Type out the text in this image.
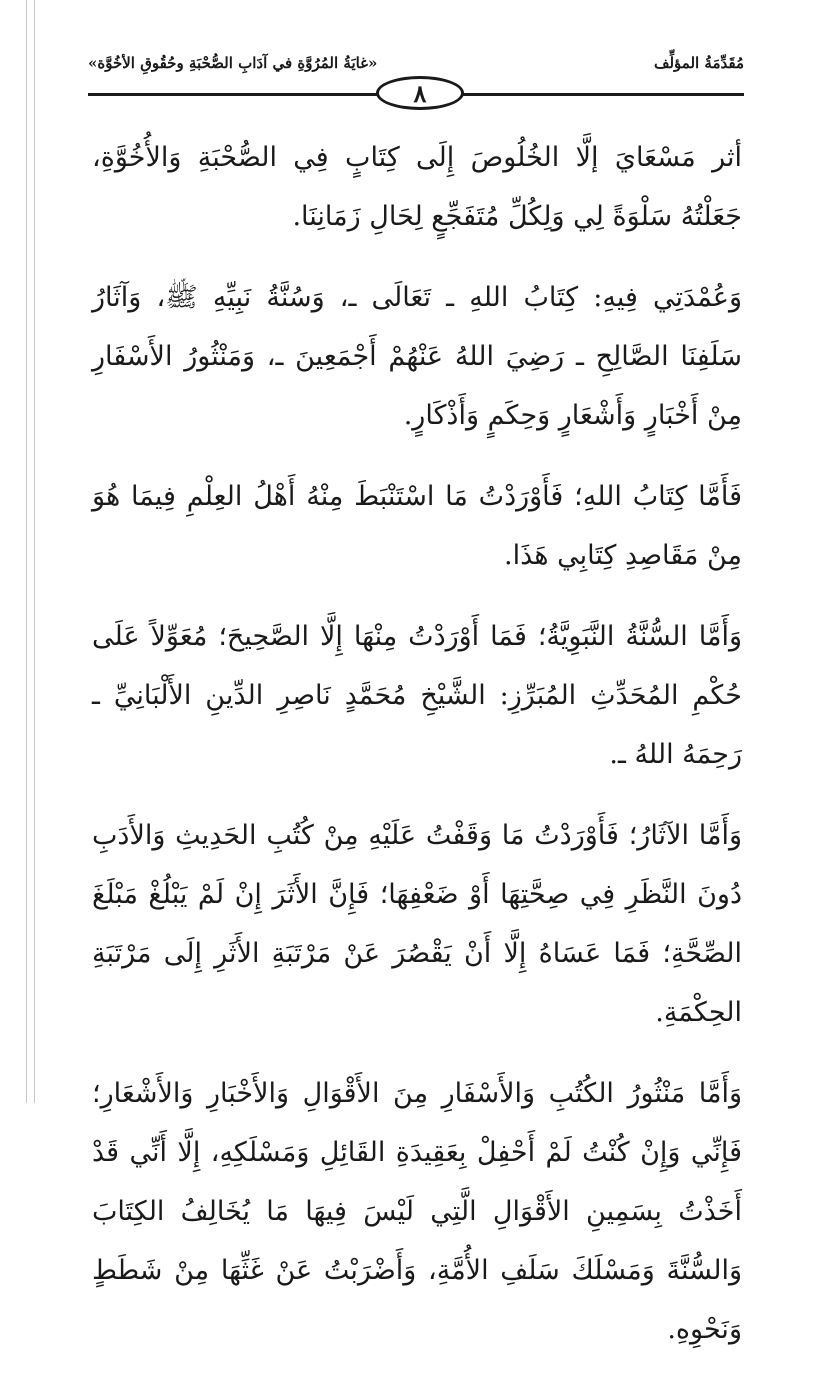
مُقَدِّمَةُ المؤلِّف
«غايَةُ المُرُوَّةِ في آدَابِ الصُّحْبَةِ وحُقُوقِ الأخُوَّة»
٨

أثر مَسْعَايَ إلَّا الخُلُوصَ إِلَى كِتَابٍ فِي الصُّحْبَةِ وَالأُخُوَّةِ، جَعَلْتُهُ سَلْوَةً لِي وَلِكُلِّ مُتَفَجِّعٍ لِحَالِ زَمَانِنَا.

وَعُمْدَتِي فِيهِ: كِتَابُ اللهِ ـ تَعَالَى ـ، وَسُنَّةُ نَبِيِّهِ ﷺ، وَآثَارُ سَلَفِنَا الصَّالِحِ ـ رَضِيَ اللهُ عَنْهُمْ أَجْمَعِينَ ـ، وَمَنْثُورُ الأَسْفَارِ مِنْ أَخْبَارٍ وَأَشْعَارٍ وَحِكَمٍ وَأَذْكَارٍ.

فَأَمَّا كِتَابُ اللهِ؛ فَأَوْرَدْتُ مَا اسْتَنْبَطَ مِنْهُ أَهْلُ العِلْمِ فِيمَا هُوَ مِنْ مَقَاصِدِ كِتَابِي هَذَا.

وَأَمَّا السُّنَّةُ النَّبَوِيَّةُ؛ فَمَا أَوْرَدْتُ مِنْهَا إِلَّا الصَّحِيحَ؛ مُعَوِّلاً عَلَى حُكْمِ المُحَدِّثِ المُبَرِّزِ: الشَّيْخِ مُحَمَّدٍ نَاصِرِ الدِّينِ الأَلْبَانِيِّ ـ رَحِمَهُ اللهُ ـ.

وَأَمَّا الآثَارُ؛ فَأَوْرَدْتُ مَا وَقَفْتُ عَلَيْهِ مِنْ كُتُبِ الحَدِيثِ وَالأَدَبِ دُونَ النَّظَرِ فِي صِحَّتِهَا أَوْ ضَعْفِهَا؛ فَإِنَّ الأَثَرَ إِنْ لَمْ يَبْلُغْ مَبْلَغَ الصِّحَّةِ؛ فَمَا عَسَاهُ إِلَّا أَنْ يَقْصُرَ عَنْ مَرْتَبَةِ الأَثَرِ إِلَى مَرْتَبَةِ الحِكْمَةِ.

وَأَمَّا مَنْثُورُ الكُتُبِ وَالأَسْفَارِ مِنَ الأَقْوَالِ وَالأَخْبَارِ وَالأَشْعَارِ؛ فَإِنِّي وَإِنْ كُنْتُ لَمْ أَحْفِلْ بِعَقِيدَةِ القَائِلِ وَمَسْلَكِهِ، إِلَّا أَنِّي قَدْ أَخَذْتُ بِسَمِينِ الأَقْوَالِ الَّتِي لَيْسَ فِيهَا مَا يُخَالِفُ الكِتَابَ وَالسُّنَّةَ وَمَسْلَكَ سَلَفِ الأُمَّةِ، وَأَضْرَبْتُ عَنْ غَثِّهَا مِنْ شَطَطٍ وَنَحْوِهِ.
